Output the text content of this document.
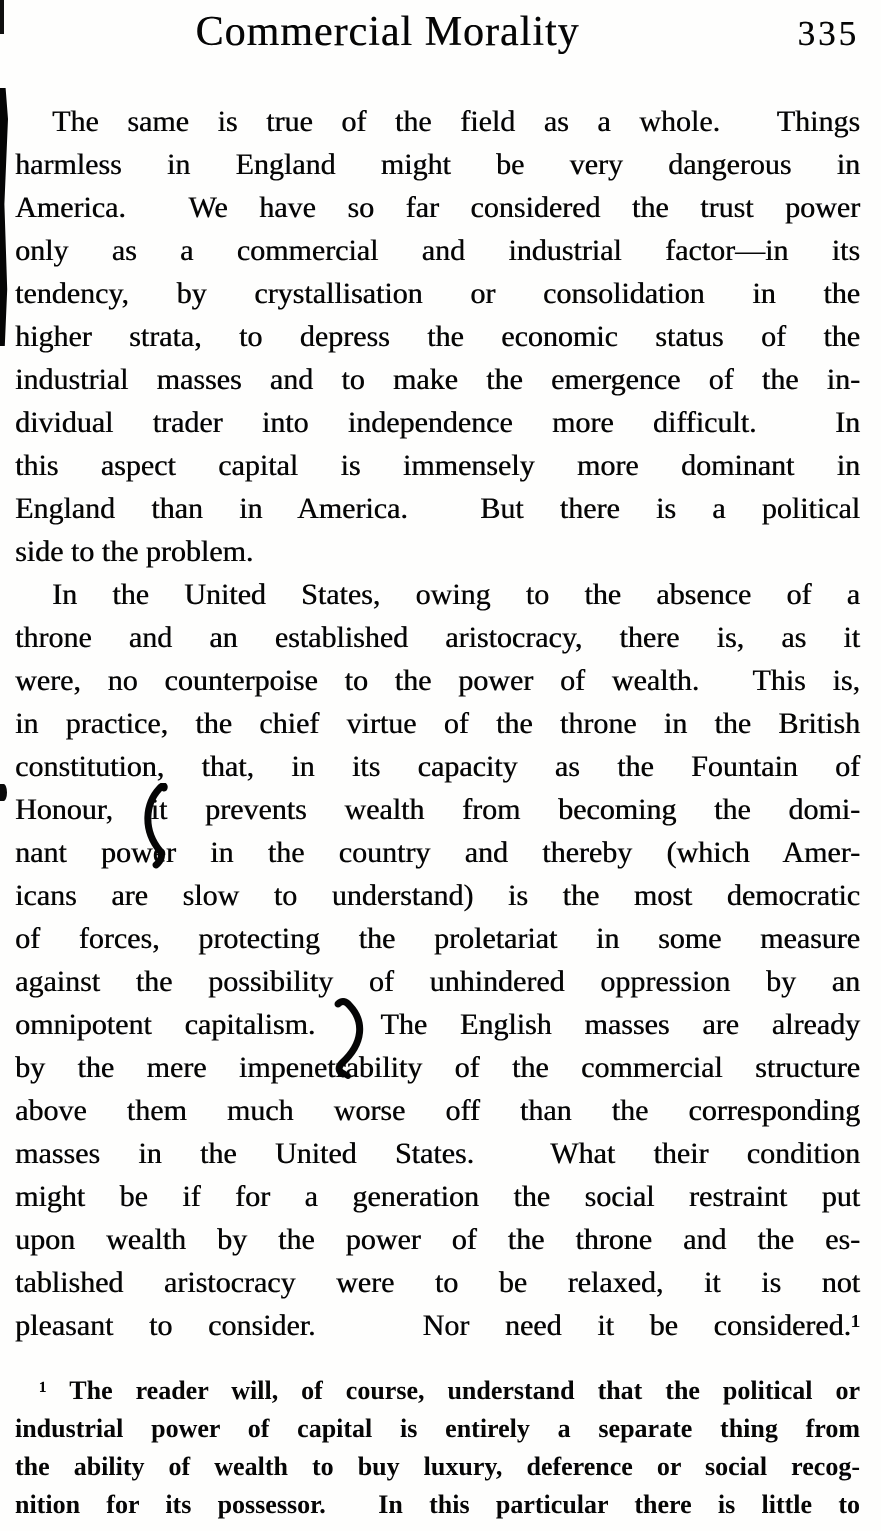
Commercial Morality	335
The same is true of the field as a whole.  Things
harmless in England might be very dangerous in
America.  We have so far considered the trust power
only as a commercial and industrial factor—in its
tendency, by crystallisation or consolidation in the
higher strata, to depress the economic status of the
industrial masses and to make the emergence of the in-
dividual trader into independence more difficult.  In
this aspect capital is immensely more dominant in
England than in America.  But there is a political
side to the problem.
In the United States, owing to the absence of a
throne and an established aristocracy, there is, as it
were, no counterpoise to the power of wealth.  This is,
in practice, the chief virtue of the throne in the British
constitution, that, in its capacity as the Fountain of
Honour, it prevents wealth from becoming the domi-
nant power in the country and thereby (which Amer-
icans are slow to understand) is the most democratic
of forces, protecting the proletariat in some measure
against the possibility of unhindered oppression by an
omnipotent capitalism.  The English masses are already
by the mere impenetrability of the commercial structure
above them much worse off than the corresponding
masses in the United States.  What their condition
might be if for a generation the social restraint put
upon wealth by the power of the throne and the es-
tablished aristocracy were to be relaxed, it is not
pleasant to consider.   Nor need it be considered.¹
¹ The reader will, of course, understand that the political or
industrial power of capital is entirely a separate thing from
the ability of wealth to buy luxury, deference or social recog-
nition for its possessor.  In this particular there is little to
